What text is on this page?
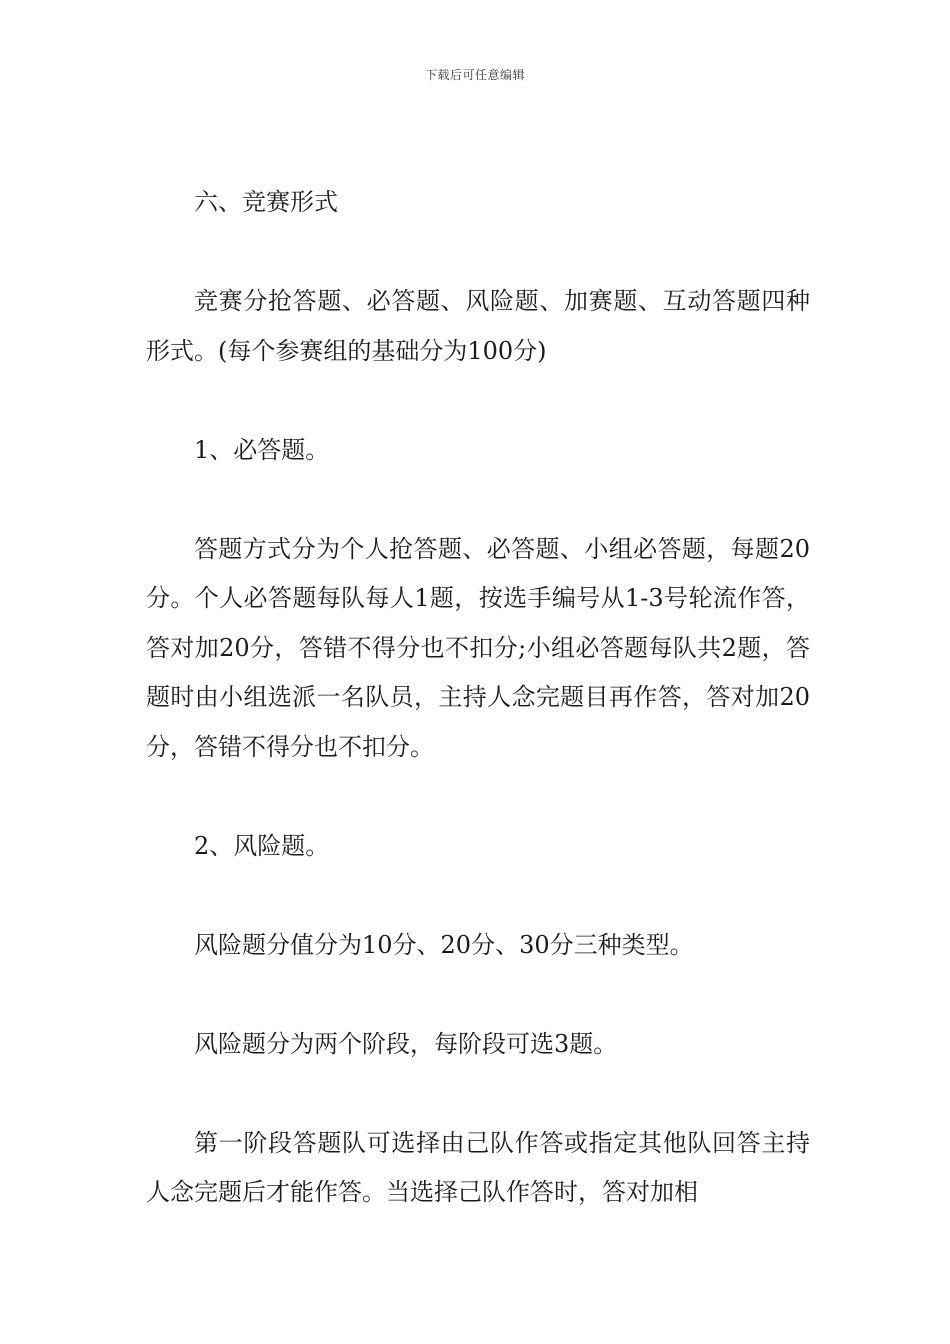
下载后可任意编辑

六、竞赛形式

竞赛分抢答题、必答题、风险题、加赛题、互动答题四种形式。(每个参赛组的基础分为100分)

1、必答题。

答题方式分为个人抢答题、必答题、小组必答题，每题20分。个人必答题每队每人1题，按选手编号从1-3号轮流作答，答对加20分，答错不得分也不扣分;小组必答题每队共2题，答题时由小组选派一名队员，主持人念完题目再作答，答对加20分，答错不得分也不扣分。

2、风险题。

风险题分值分为10分、20分、30分三种类型。

风险题分为两个阶段，每阶段可选3题。

第一阶段答题队可选择由己队作答或指定其他队回答主持人念完题后才能作答。当选择己队作答时，答对加相
